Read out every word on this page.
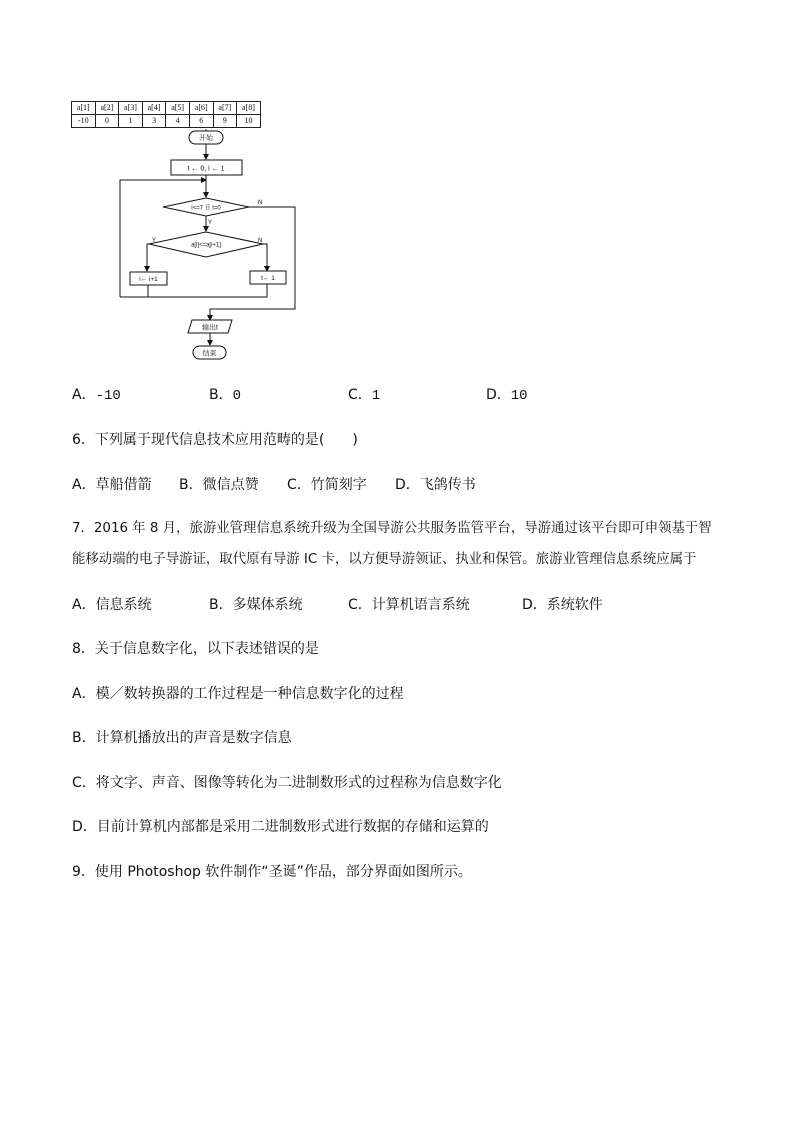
a[1]	a[2]	a[3]	a[4]	a[5]	a[6]	a[7]	a[8]
-10	0	1	3	4	6	9	10
开始
t ← 0, i ← 1
i<=7 且 t=0
a[i]<=a[i+1]
Y	N
Y
N
i← i+1	t← 1
输出t
结束
A．-10	B．0	C．1	D．10
6．下列属于现代信息技术应用范畴的是(　　)
A．草船借箭 B．微信点赞 C．竹简刻字 D．飞鸽传书
7．2016 年 8 月，旅游业管理信息系统升级为全国导游公共服务监管平台，导游通过该平台即可申领基于智
能移动端的电子导游证，取代原有导游 IC 卡，以方便导游领证、执业和保管。旅游业管理信息系统应属于
A．信息系统	B．多媒体系统	C．计算机语言系统	D．系统软件
8．关于信息数字化，以下表述错误的是
A．模／数转换器的工作过程是一种信息数字化的过程
B．计算机播放出的声音是数字信息
C．将文字、声音、图像等转化为二进制数形式的过程称为信息数字化
D．目前计算机内部都是采用二进制数形式进行数据的存储和运算的
9．使用 Photoshop 软件制作“圣诞”作品，部分界面如图所示。
